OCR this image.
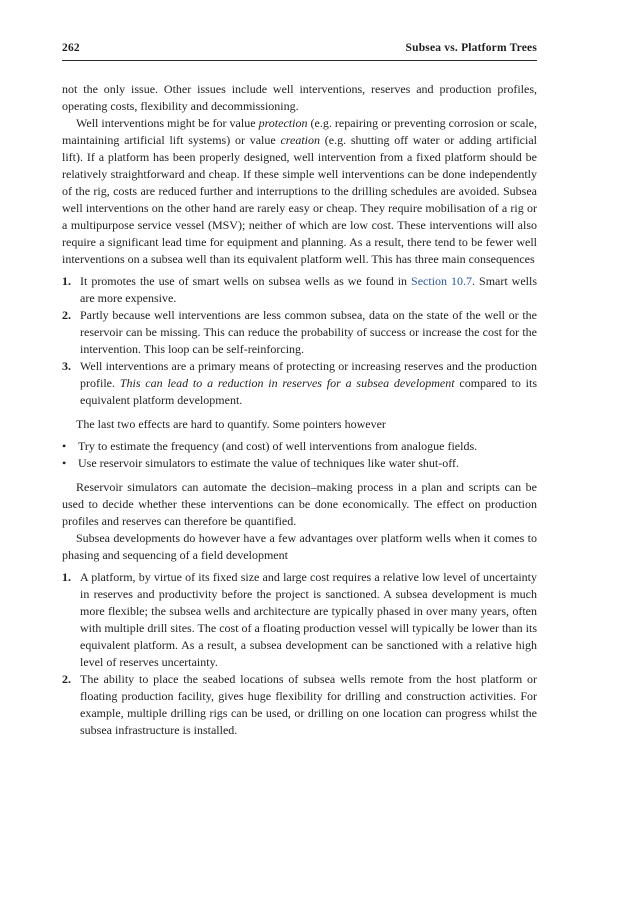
262	Subsea vs. Platform Trees

not the only issue. Other issues include well interventions, reserves and production profiles, operating costs, flexibility and decommissioning.

Well interventions might be for value protection (e.g. repairing or preventing corrosion or scale, maintaining artificial lift systems) or value creation (e.g. shutting off water or adding artificial lift). If a platform has been properly designed, well intervention from a fixed platform should be relatively straightforward and cheap. If these simple well interventions can be done independently of the rig, costs are reduced further and interruptions to the drilling schedules are avoided. Subsea well interventions on the other hand are rarely easy or cheap. They require mobilisation of a rig or a multipurpose service vessel (MSV); neither of which are low cost. These interventions will also require a significant lead time for equipment and planning. As a result, there tend to be fewer well interventions on a subsea well than its equivalent platform well. This has three main consequences

1. It promotes the use of smart wells on subsea wells as we found in Section 10.7. Smart wells are more expensive.
2. Partly because well interventions are less common subsea, data on the state of the well or the reservoir can be missing. This can reduce the probability of success or increase the cost for the intervention. This loop can be self-reinforcing.
3. Well interventions are a primary means of protecting or increasing reserves and the production profile. This can lead to a reduction in reserves for a subsea development compared to its equivalent platform development.

The last two effects are hard to quantify. Some pointers however

• Try to estimate the frequency (and cost) of well interventions from analogue fields.
• Use reservoir simulators to estimate the value of techniques like water shut-off.

Reservoir simulators can automate the decision–making process in a plan and scripts can be used to decide whether these interventions can be done economically. The effect on production profiles and reserves can therefore be quantified.

Subsea developments do however have a few advantages over platform wells when it comes to phasing and sequencing of a field development

1. A platform, by virtue of its fixed size and large cost requires a relative low level of uncertainty in reserves and productivity before the project is sanctioned. A subsea development is much more flexible; the subsea wells and architecture are typically phased in over many years, often with multiple drill sites. The cost of a floating production vessel will typically be lower than its equivalent platform. As a result, a subsea development can be sanctioned with a relative high level of reserves uncertainty.
2. The ability to place the seabed locations of subsea wells remote from the host platform or floating production facility, gives huge flexibility for drilling and construction activities. For example, multiple drilling rigs can be used, or drilling on one location can progress whilst the subsea infrastructure is installed.
